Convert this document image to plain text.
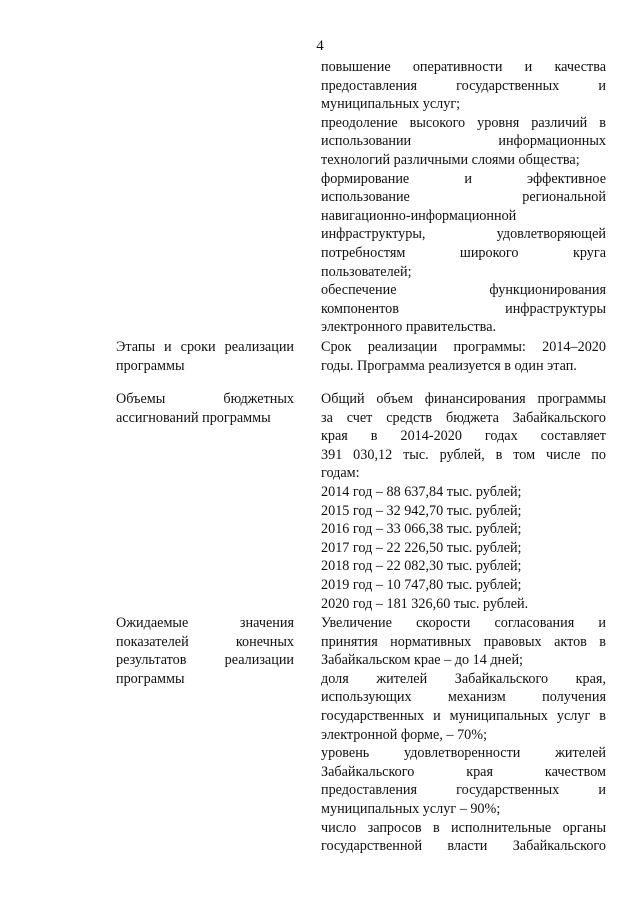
4
повышение оперативности и качества
предоставления государственных и
муниципальных услуг;
преодоление высокого уровня различий в
использовании информационных
технологий различными слоями общества;
формирование и эффективное
использование региональной
навигационно-информационной
инфраструктуры, удовлетворяющей
потребностям широкого круга
пользователей;
обеспечение функционирования
компонентов инфраструктуры
электронного правительства.
Этапы и сроки реализации
программы
Срок реализации программы: 2014–2020
годы. Программа реализуется в один этап.
Объемы бюджетных
ассигнований программы
Общий объем финансирования программы
за счет средств бюджета Забайкальского
края в 2014-2020 годах составляет
391 030,12 тыс. рублей, в том числе по
годам:
2014 год – 88 637,84 тыс. рублей;
2015 год – 32 942,70 тыс. рублей;
2016 год – 33 066,38 тыс. рублей;
2017 год – 22 226,50 тыс. рублей;
2018 год – 22 082,30 тыс. рублей;
2019 год – 10 747,80 тыс. рублей;
2020 год – 181 326,60 тыс. рублей.
Ожидаемые значения
показателей конечных
результатов реализации
программы
Увеличение скорости согласования и
принятия нормативных правовых актов в
Забайкальском крае – до 14 дней;
доля жителей Забайкальского края,
использующих механизм получения
государственных и муниципальных услуг в
электронной форме, – 70%;
уровень удовлетворенности жителей
Забайкальского края качеством
предоставления государственных и
муниципальных услуг – 90%;
число запросов в исполнительные органы
государственной власти Забайкальского
